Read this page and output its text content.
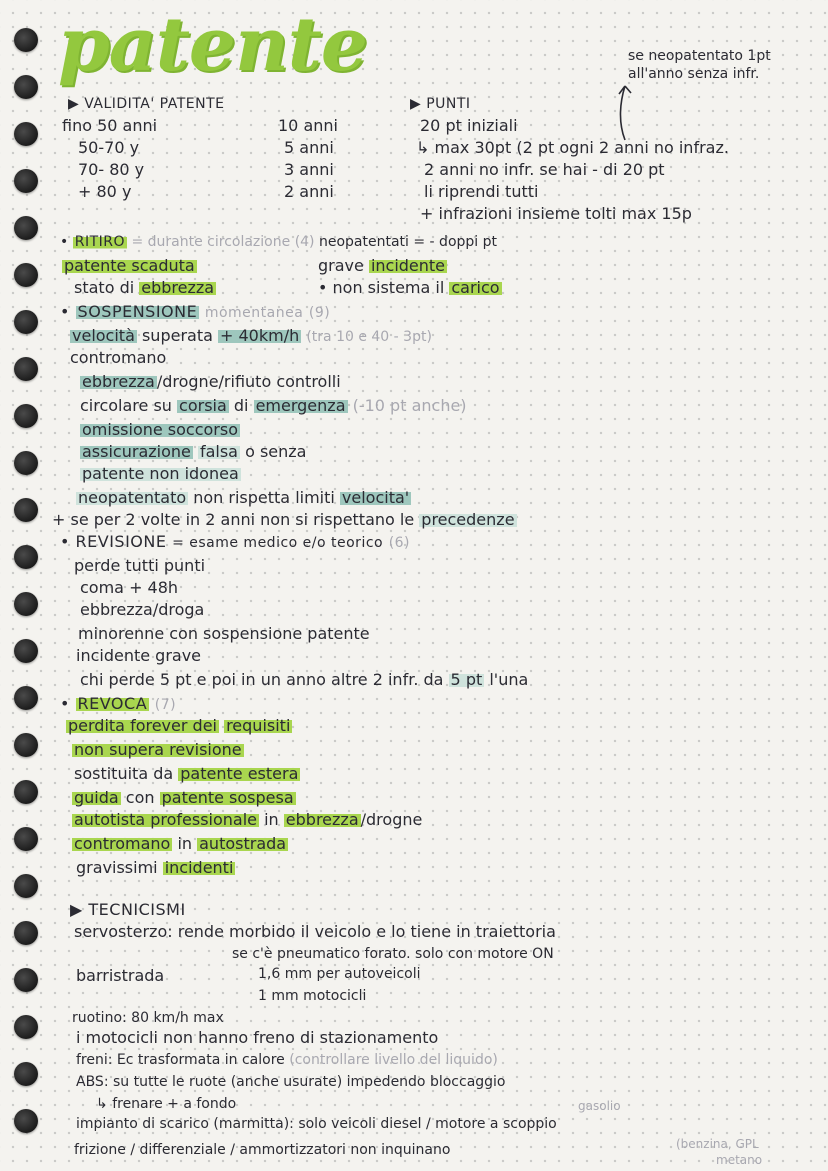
patente	se neopatentato 1pt
all'anno senza infr.
▶ VALIDITA' PATENTE
fino 50 anni	10 anni
50-70 y	5 anni
70- 80 y	3 anni
+ 80 y	2 anni
▶ PUNTI
20 pt iniziali
↳ max 30pt (2 pt ogni 2 anni no infraz.
2 anni no infr. se hai - di 20 pt
li riprendi tutti
+ infrazioni insieme tolti max 15p
• RITIRO = durante circolazione (4) neopatentati = - doppi pt
patente scaduta	grave incidente
stato di ebbrezza	• non sistema il carico
• SOSPENSIONE momentanea (9)
velocità superata + 40km/h (tra 10 e 40 - 3pt)
contromano
ebbrezza /drogne/rifiuto controlli
circolare su corsia di emergenza (-10 pt anche)
omissione soccorso
assicurazione falsa o senza
patente non idonea
neopatentato non rispetta limiti velocita'
+ se per 2 volte in 2 anni non si rispettano le precedenze
• REVISIONE = esame medico e/o teorico (6)
perde tutti punti
coma + 48h
ebbrezza/droga
minorenne con sospensione patente
incidente grave
chi perde 5 pt e poi in un anno altre 2 infr. da 5 pt l'una
• REVOCA (7)
perdita forever dei requisiti
non supera revisione
sostituita da patente estera
guida con patente sospesa
autotista professionale in ebbrezza /drogne
contromano in autostrada
gravissimi incidenti
▶ TECNICISMI
servosterzo: rende morbido il veicolo e lo tiene in traiettoria
se c'è pneumatico forato. solo con motore ON
barristrada	1,6 mm per autoveicoli
1 mm motocicli
ruotino: 80 km/h max
i motocicli non hanno freno di stazionamento
freni: Ec trasformata in calore (controllare livello del liquido)
ABS: su tutte le ruote (anche usurate) impedendo bloccaggio
↳ frenare + a fondo	gasolio
impianto di scarico (marmitta): solo veicoli diesel / motore a scoppio
(benzina, GPL
metano
frizione / differenziale / ammortizzatori non inquinano
